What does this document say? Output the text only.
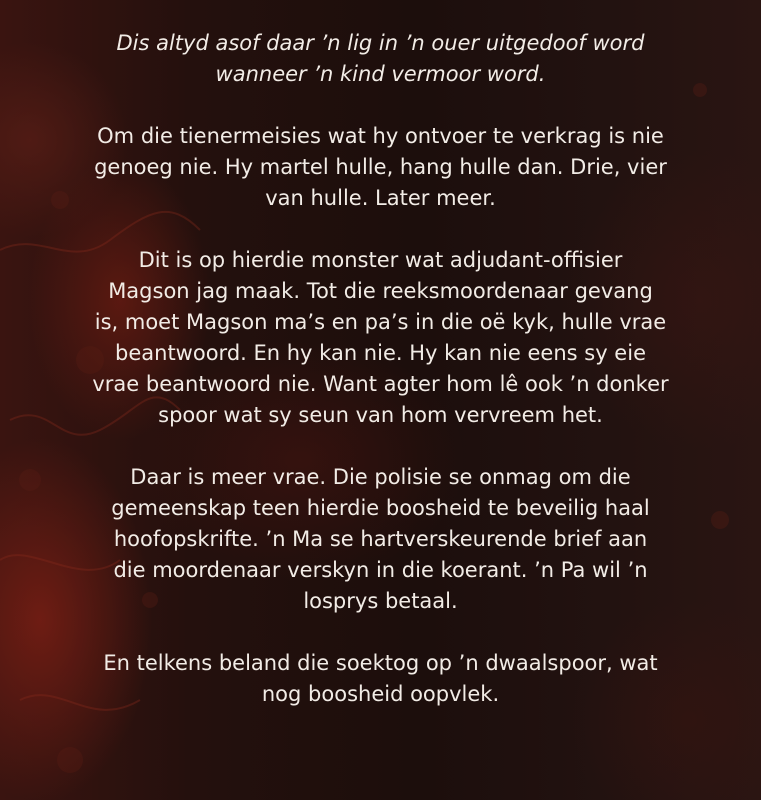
Dis altyd asof daar ’n lig in ’n ouer uitgedoof word
wanneer ’n kind vermoor word.

Om die tienermeisies wat hy ontvoer te verkrag is nie
genoeg nie. Hy martel hulle, hang hulle dan. Drie, vier
van hulle. Later meer.

Dit is op hierdie monster wat adjudant-offisier
Magson jag maak. Tot die reeksmoordenaar gevang
is, moet Magson ma’s en pa’s in die oë kyk, hulle vrae
beantwoord. En hy kan nie. Hy kan nie eens sy eie
vrae beantwoord nie. Want agter hom lê ook ’n donker
spoor wat sy seun van hom vervreem het.

Daar is meer vrae. Die polisie se onmag om die
gemeenskap teen hierdie boosheid te beveilig haal
hoofopskrifte. ’n Ma se hartverskeurende brief aan
die moordenaar verskyn in die koerant. ’n Pa wil ’n
losprys betaal.

En telkens beland die soektog op ’n dwaalspoor, wat
nog boosheid oopvlek.
